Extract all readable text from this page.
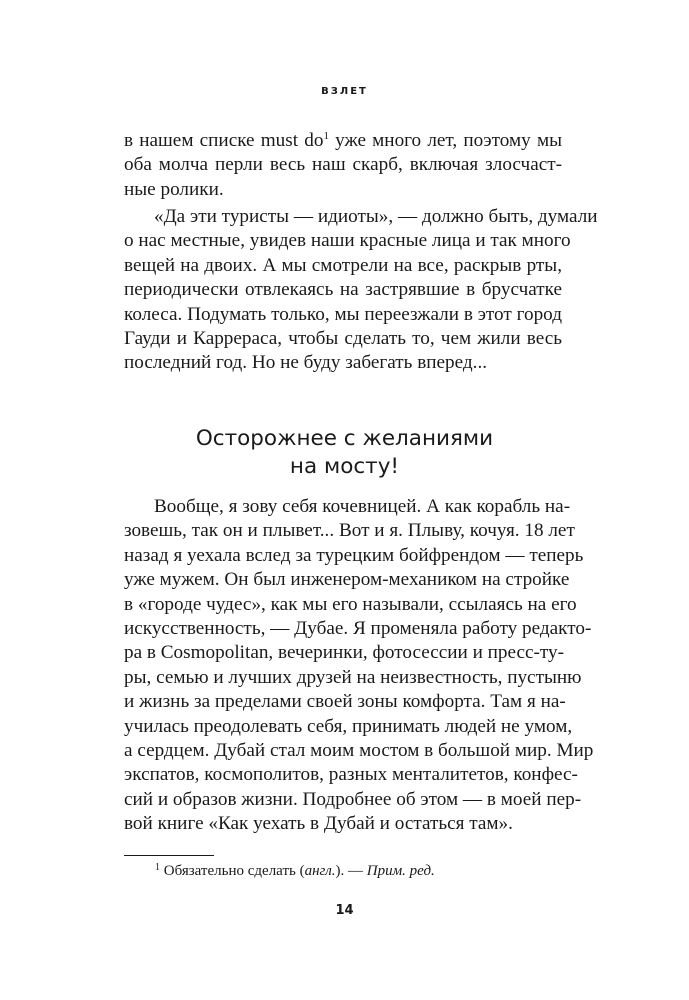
ВЗЛЕТ
в нашем списке must $do^1$ уже много лет, поэтому мы
оба молча перли весь наш скарб, включая злосчаст-
ные ролики.
«Да эти туристы — идиоты», — должно быть, думали
о нас местные, увидев наши красные лица и так много
вещей на двоих. А мы смотрели на все, раскрыв рты,
периодически отвлекаясь на застрявшие в брусчатке
колеса. Подумать только, мы переезжали в этот город
Гауди и Каррераса, чтобы сделать то, чем жили весь
последний год. Но не буду забегать вперед...
Осторожнее с желаниями
на мосту!
Вообще, я зову себя кочевницей. А как корабль на-
зовешь, так он и плывет... Вот и я. Плыву, кочуя. 18 лет
назад я уехала вслед за турецким бойфрендом — теперь
уже мужем. Он был инженером-механиком на стройке
в «городе чудес», как мы его называли, ссылаясь на его
искусственность, — Дубае. Я променяла работу редакто-
ра в Cosmopolitan, вечеринки, фотосессии и пресс-ту-
ры, семью и лучших друзей на неизвестность, пустыню
и жизнь за пределами своей зоны комфорта. Там я на-
училась преодолевать себя, принимать людей не умом,
а сердцем. Дубай стал моим мостом в большой мир. Мир
экспатов, космополитов, разных менталитетов, конфес-
сий и образов жизни. Подробнее об этом — в моей пер-
вой книге «Как уехать в Дубай и остаться там».
$^1$ Обязательно сделать (англ.). — Прим. ред.
14
